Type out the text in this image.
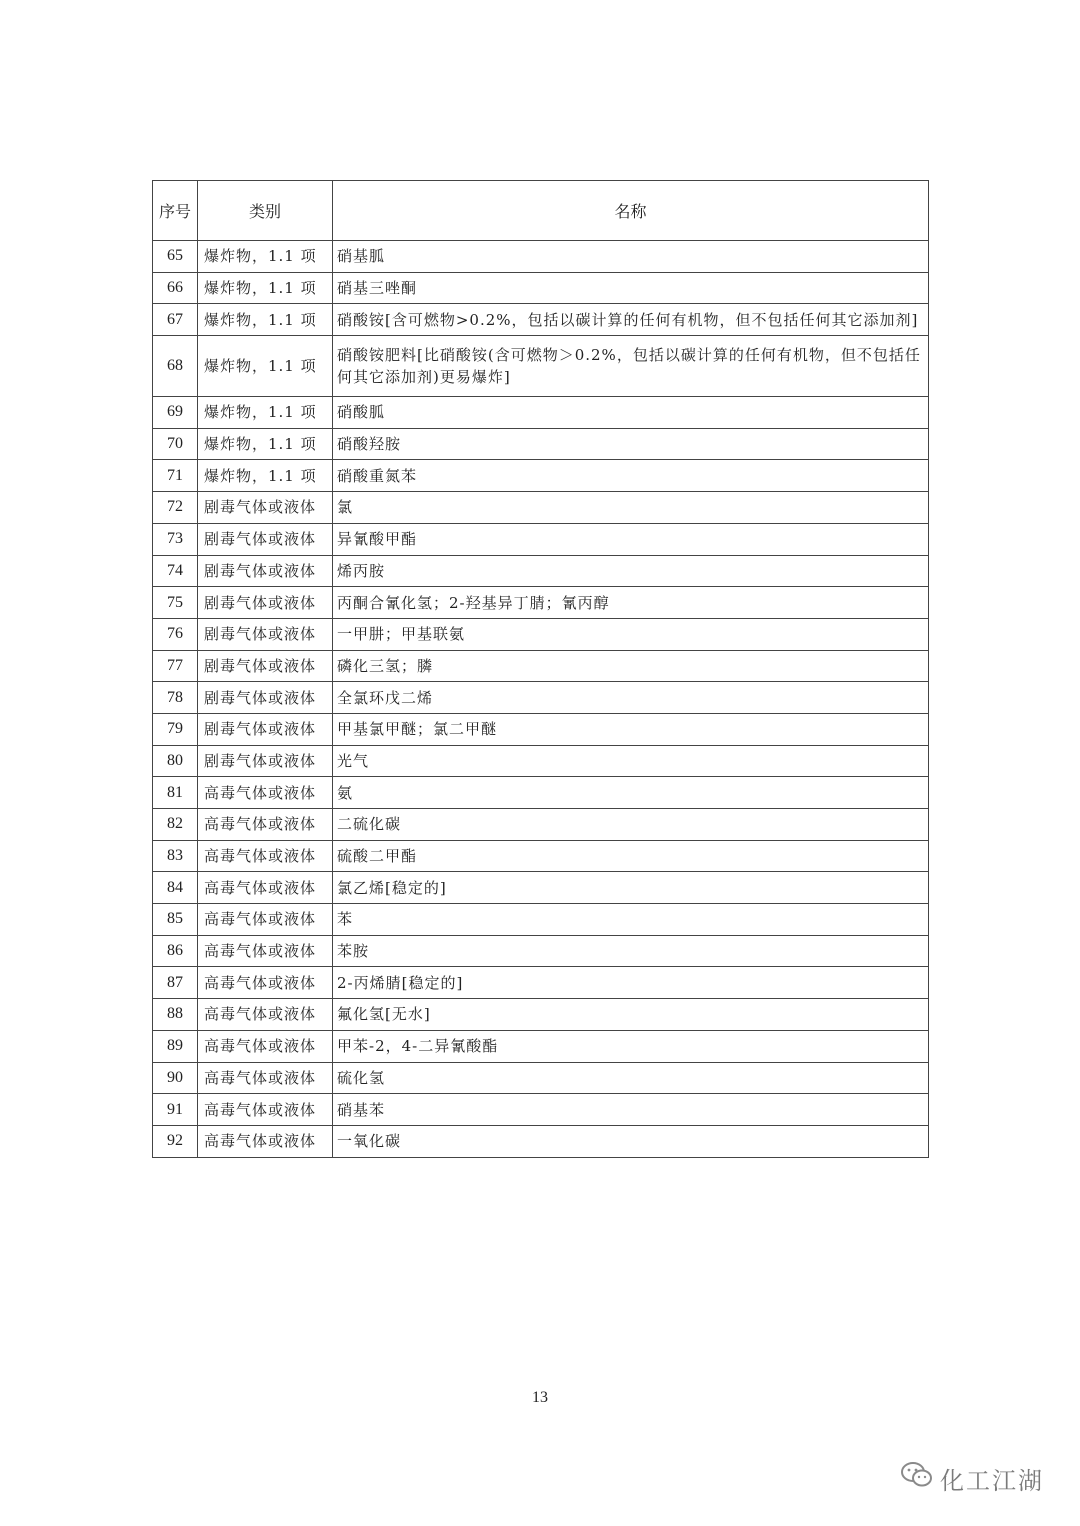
序号	类别	名称
65	爆炸物，1.1 项	硝基胍
66	爆炸物，1.1 项	硝基三唑酮
67	爆炸物，1.1 项	硝酸铵[含可燃物>0.2%，包括以碳计算的任何有机物，但不包括任何其它添加剂]
68	爆炸物，1.1 项	硝酸铵肥料[比硝酸铵(含可燃物＞0.2%，包括以碳计算的任何有机物，但不包括任何其它添加剂)更易爆炸]
69	爆炸物，1.1 项	硝酸胍
70	爆炸物，1.1 项	硝酸羟胺
71	爆炸物，1.1 项	硝酸重氮苯
72	剧毒气体或液体	氯
73	剧毒气体或液体	异氰酸甲酯
74	剧毒气体或液体	烯丙胺
75	剧毒气体或液体	丙酮合氰化氢；2-羟基异丁腈；氰丙醇
76	剧毒气体或液体	一甲肼；甲基联氨
77	剧毒气体或液体	磷化三氢；膦
78	剧毒气体或液体	全氯环戊二烯
79	剧毒气体或液体	甲基氯甲醚；氯二甲醚
80	剧毒气体或液体	光气
81	高毒气体或液体	氨
82	高毒气体或液体	二硫化碳
83	高毒气体或液体	硫酸二甲酯
84	高毒气体或液体	氯乙烯[稳定的]
85	高毒气体或液体	苯
86	高毒气体或液体	苯胺
87	高毒气体或液体	2-丙烯腈[稳定的]
88	高毒气体或液体	氟化氢[无水]
89	高毒气体或液体	甲苯-2，4-二异氰酸酯
90	高毒气体或液体	硫化氢
91	高毒气体或液体	硝基苯
92	高毒气体或液体	一氧化碳
13
化工江湖
